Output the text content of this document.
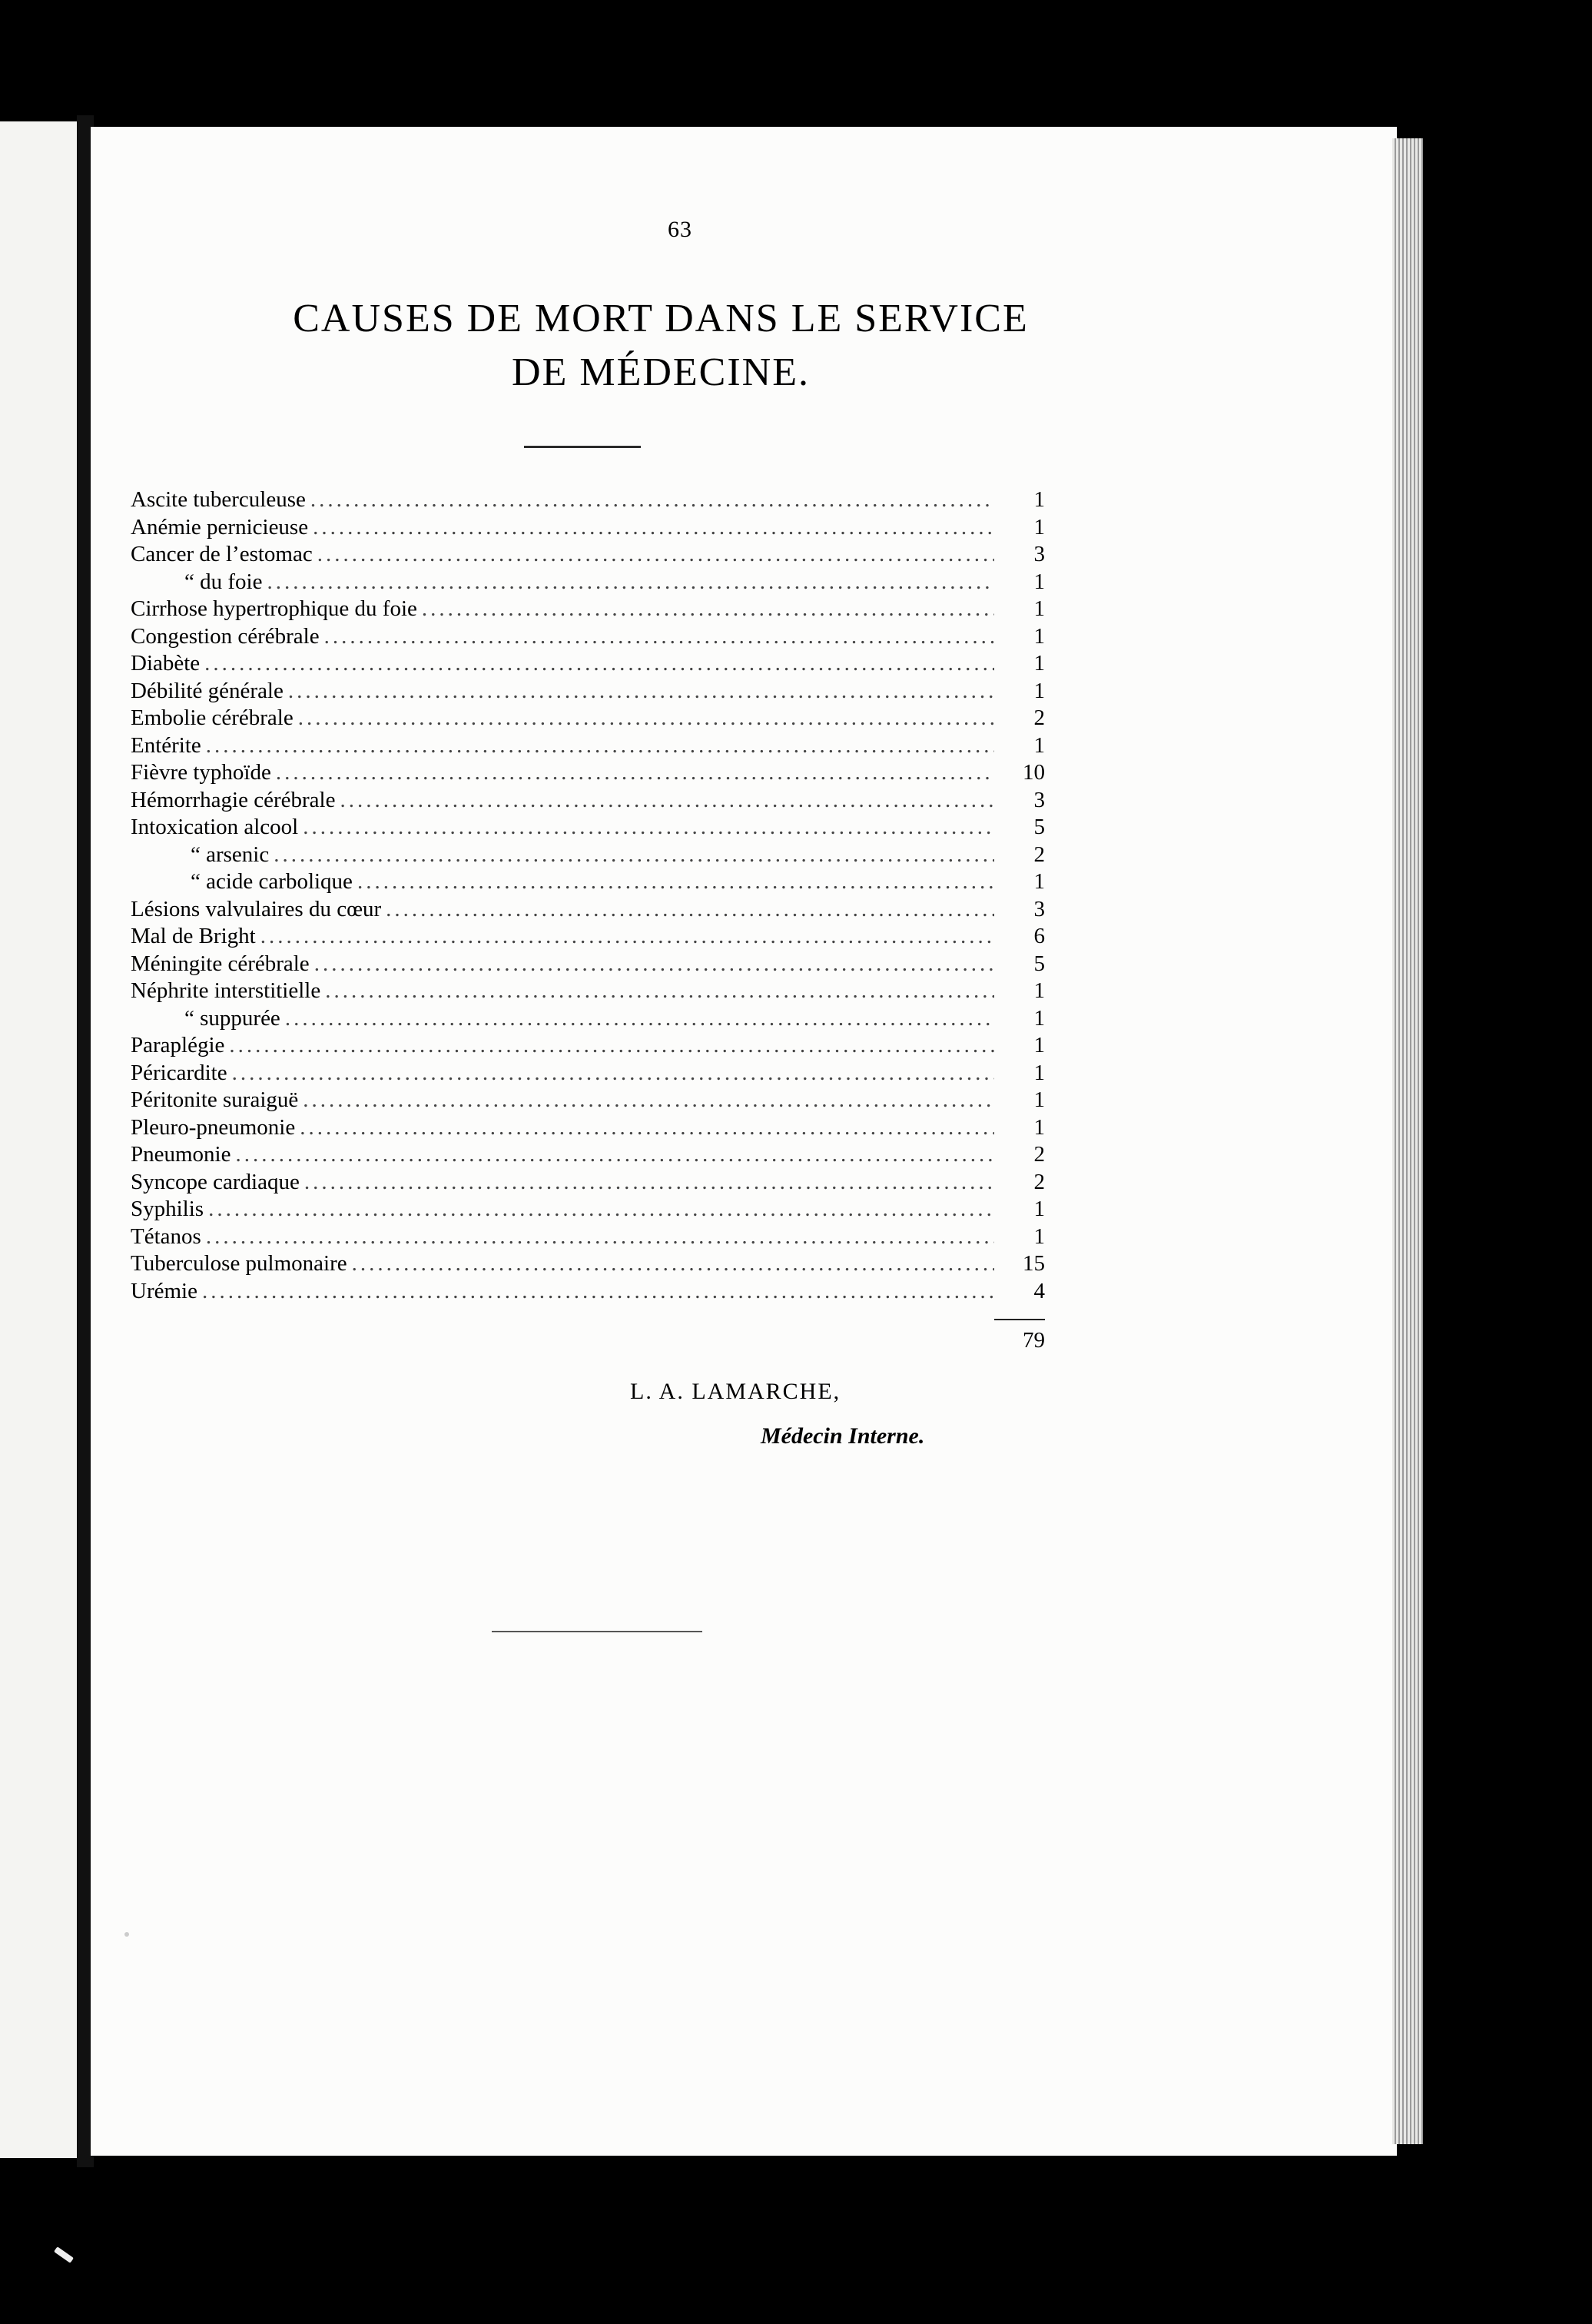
63
CAUSES DE MORT DANS LE SERVICE
DE MÉDECINE.
Ascite tuberculeuse .....	1
Anémie pernicieuse .....	1
Cancer de l’estomac .....	3
“ du foie .....	1
Cirrhose hypertrophique du foie .....	1
Congestion cérébrale .....	1
Diabète .....	1
Débilité générale .....	1
Embolie cérébrale .....	2
Entérite .....	1
Fièvre typhoïde .....	10
Hémorrhagie cérébrale .....	3
Intoxication alcool .....	5
“ arsenic .....	2
“ acide carbolique .....	1
Lésions valvulaires du cœur .....	3
Mal de Bright .....	6
Méningite cérébrale .....	5
Néphrite interstitielle .....	1
“ suppurée .....	1
Paraplégie .....	1
Péricardite .....	1
Péritonite suraiguë .....	1
Pleuro-pneumonie .....	1
Pneumonie .....	2
Syncope cardiaque .....	2
Syphilis .....	1
Tétanos .....	1
Tuberculose pulmonaire .....	15
Urémie .....	4
79
L. A. LAMARCHE,
Médecin Interne.
